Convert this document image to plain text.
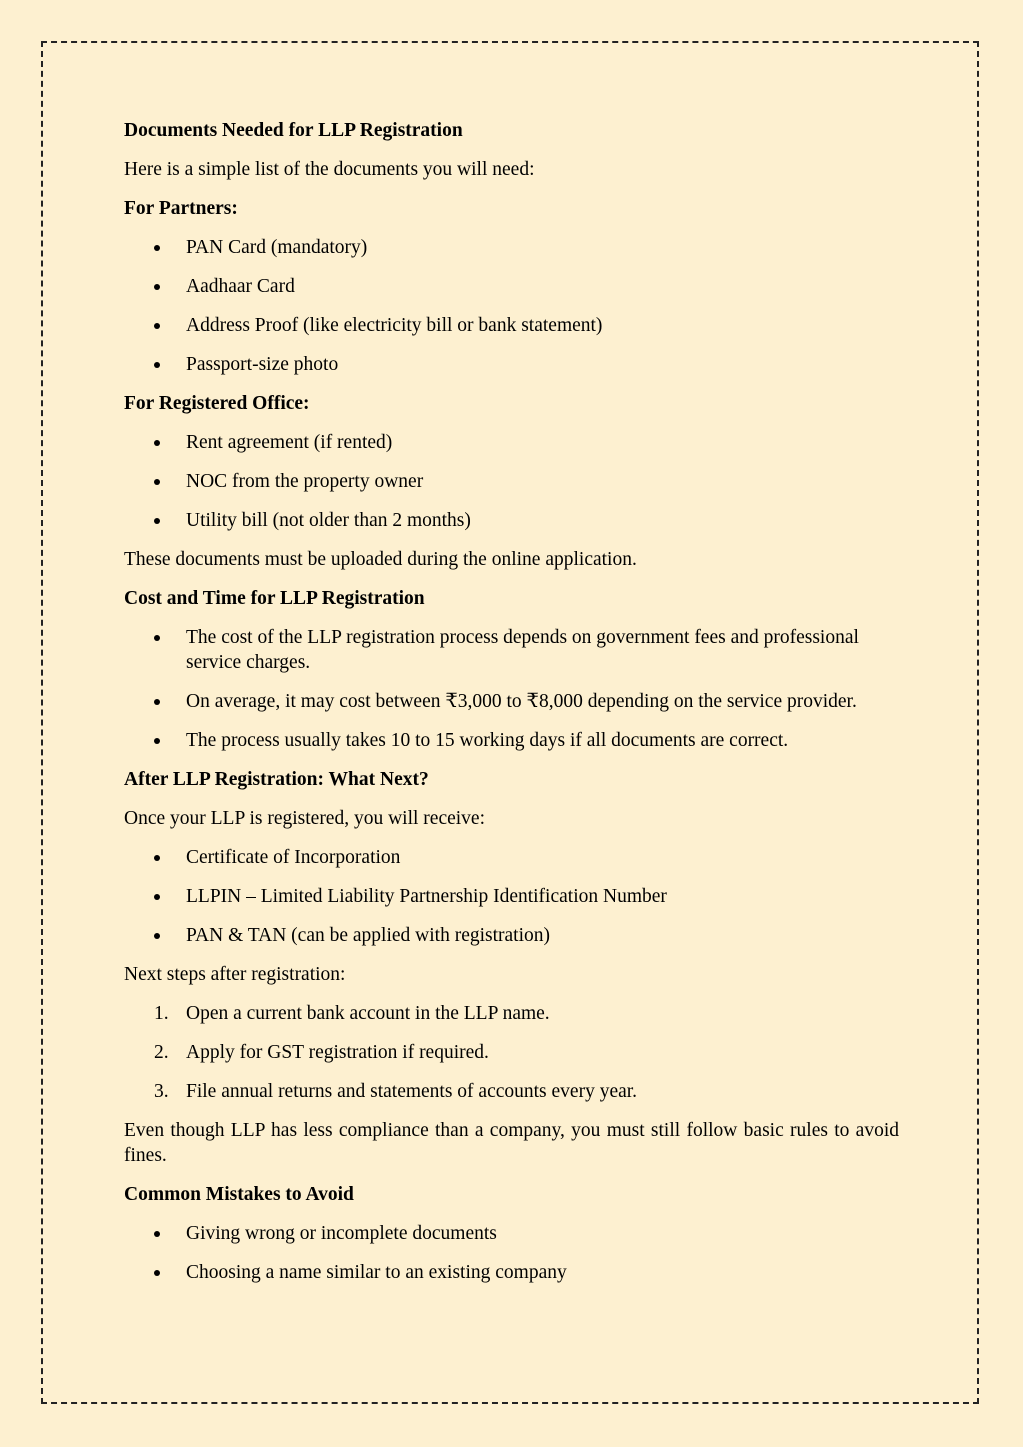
Documents Needed for LLP Registration
Here is a simple list of the documents you will need:
For Partners:
PAN Card (mandatory)
Aadhaar Card
Address Proof (like electricity bill or bank statement)
Passport-size photo
For Registered Office:
Rent agreement (if rented)
NOC from the property owner
Utility bill (not older than 2 months)
These documents must be uploaded during the online application.
Cost and Time for LLP Registration
The cost of the LLP registration process depends on government fees and professional service charges.
On average, it may cost between ₹3,000 to ₹8,000 depending on the service provider.
The process usually takes 10 to 15 working days if all documents are correct.
After LLP Registration: What Next?
Once your LLP is registered, you will receive:
Certificate of Incorporation
LLPIN – Limited Liability Partnership Identification Number
PAN & TAN (can be applied with registration)
Next steps after registration:
1. Open a current bank account in the LLP name.
2. Apply for GST registration if required.
3. File annual returns and statements of accounts every year.
Even though LLP has less compliance than a company, you must still follow basic rules to avoid fines.
Common Mistakes to Avoid
Giving wrong or incomplete documents
Choosing a name similar to an existing company
